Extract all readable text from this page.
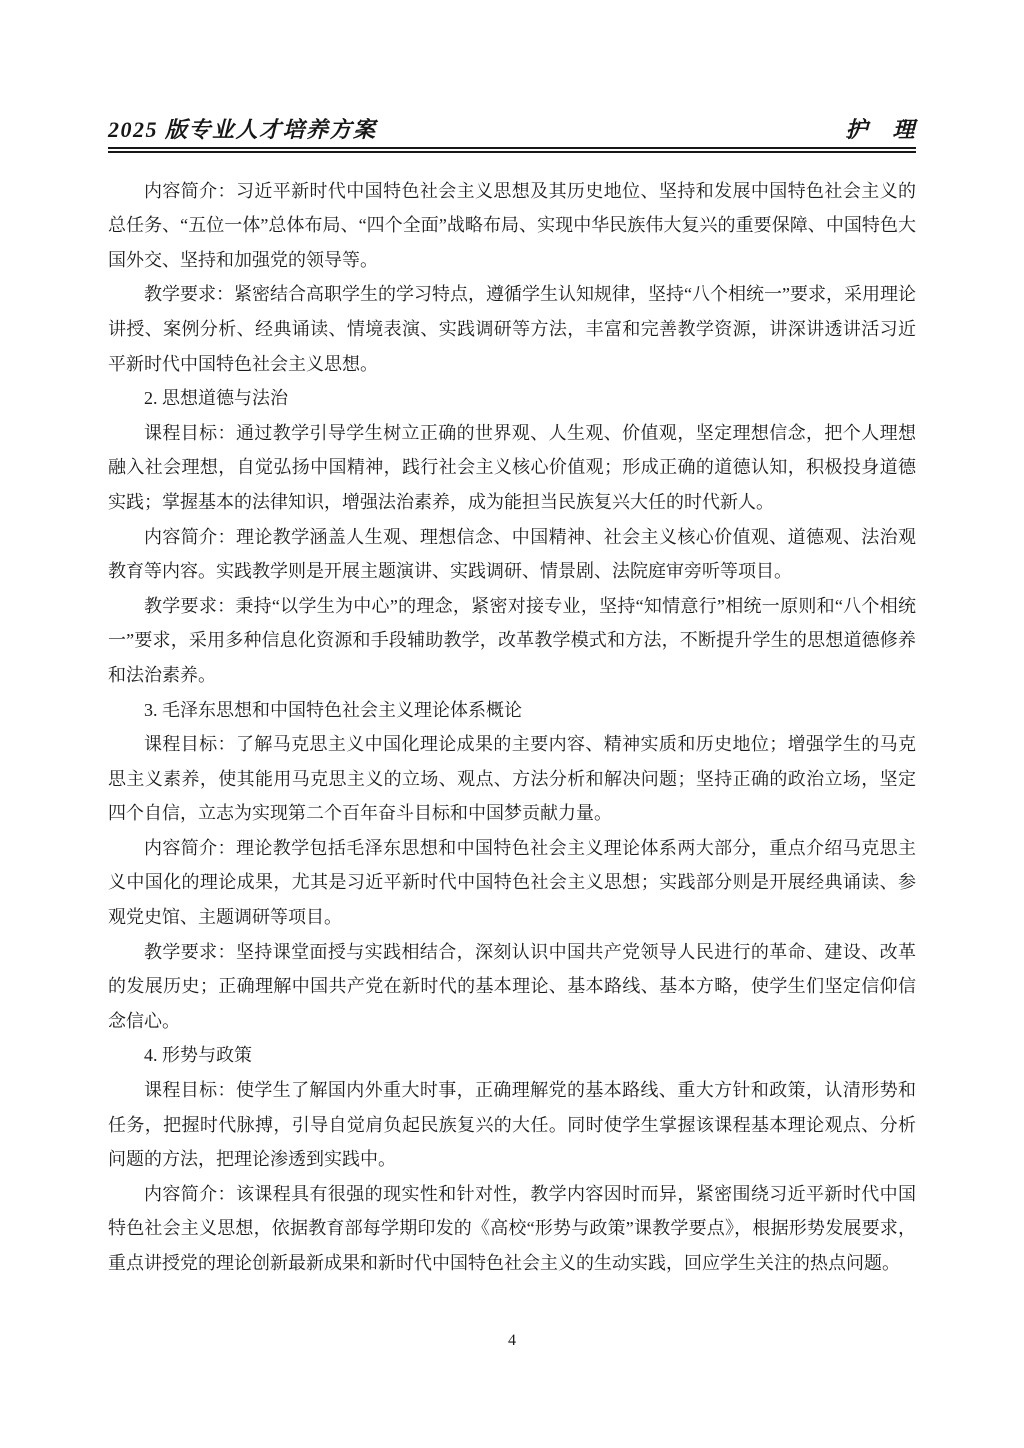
2025 版专业人才培养方案	护　理

内容简介：习近平新时代中国特色社会主义思想及其历史地位、坚持和发展中国特色社会主义的总任务、“五位一体”总体布局、“四个全面”战略布局、实现中华民族伟大复兴的重要保障、中国特色大国外交、坚持和加强党的领导等。

教学要求：紧密结合高职学生的学习特点，遵循学生认知规律，坚持“八个相统一”要求，采用理论讲授、案例分析、经典诵读、情境表演、实践调研等方法，丰富和完善教学资源，讲深讲透讲活习近平新时代中国特色社会主义思想。

2. 思想道德与法治

课程目标：通过教学引导学生树立正确的世界观、人生观、价值观，坚定理想信念，把个人理想融入社会理想，自觉弘扬中国精神，践行社会主义核心价值观；形成正确的道德认知，积极投身道德实践；掌握基本的法律知识，增强法治素养，成为能担当民族复兴大任的时代新人。

内容简介：理论教学涵盖人生观、理想信念、中国精神、社会主义核心价值观、道德观、法治观教育等内容。实践教学则是开展主题演讲、实践调研、情景剧、法院庭审旁听等项目。

教学要求：秉持“以学生为中心”的理念，紧密对接专业，坚持“知情意行”相统一原则和“八个相统一”要求，采用多种信息化资源和手段辅助教学，改革教学模式和方法，不断提升学生的思想道德修养和法治素养。

3. 毛泽东思想和中国特色社会主义理论体系概论

课程目标：了解马克思主义中国化理论成果的主要内容、精神实质和历史地位；增强学生的马克思主义素养，使其能用马克思主义的立场、观点、方法分析和解决问题；坚持正确的政治立场，坚定四个自信，立志为实现第二个百年奋斗目标和中国梦贡献力量。

内容简介：理论教学包括毛泽东思想和中国特色社会主义理论体系两大部分，重点介绍马克思主义中国化的理论成果，尤其是习近平新时代中国特色社会主义思想；实践部分则是开展经典诵读、参观党史馆、主题调研等项目。

教学要求：坚持课堂面授与实践相结合，深刻认识中国共产党领导人民进行的革命、建设、改革的发展历史；正确理解中国共产党在新时代的基本理论、基本路线、基本方略，使学生们坚定信仰信念信心。

4. 形势与政策

课程目标：使学生了解国内外重大时事，正确理解党的基本路线、重大方针和政策，认清形势和任务，把握时代脉搏，引导自觉肩负起民族复兴的大任。同时使学生掌握该课程基本理论观点、分析问题的方法，把理论渗透到实践中。

内容简介：该课程具有很强的现实性和针对性，教学内容因时而异，紧密围绕习近平新时代中国特色社会主义思想，依据教育部每学期印发的《高校“形势与政策”课教学要点》，根据形势发展要求，重点讲授党的理论创新最新成果和新时代中国特色社会主义的生动实践，回应学生关注的热点问题。

4
